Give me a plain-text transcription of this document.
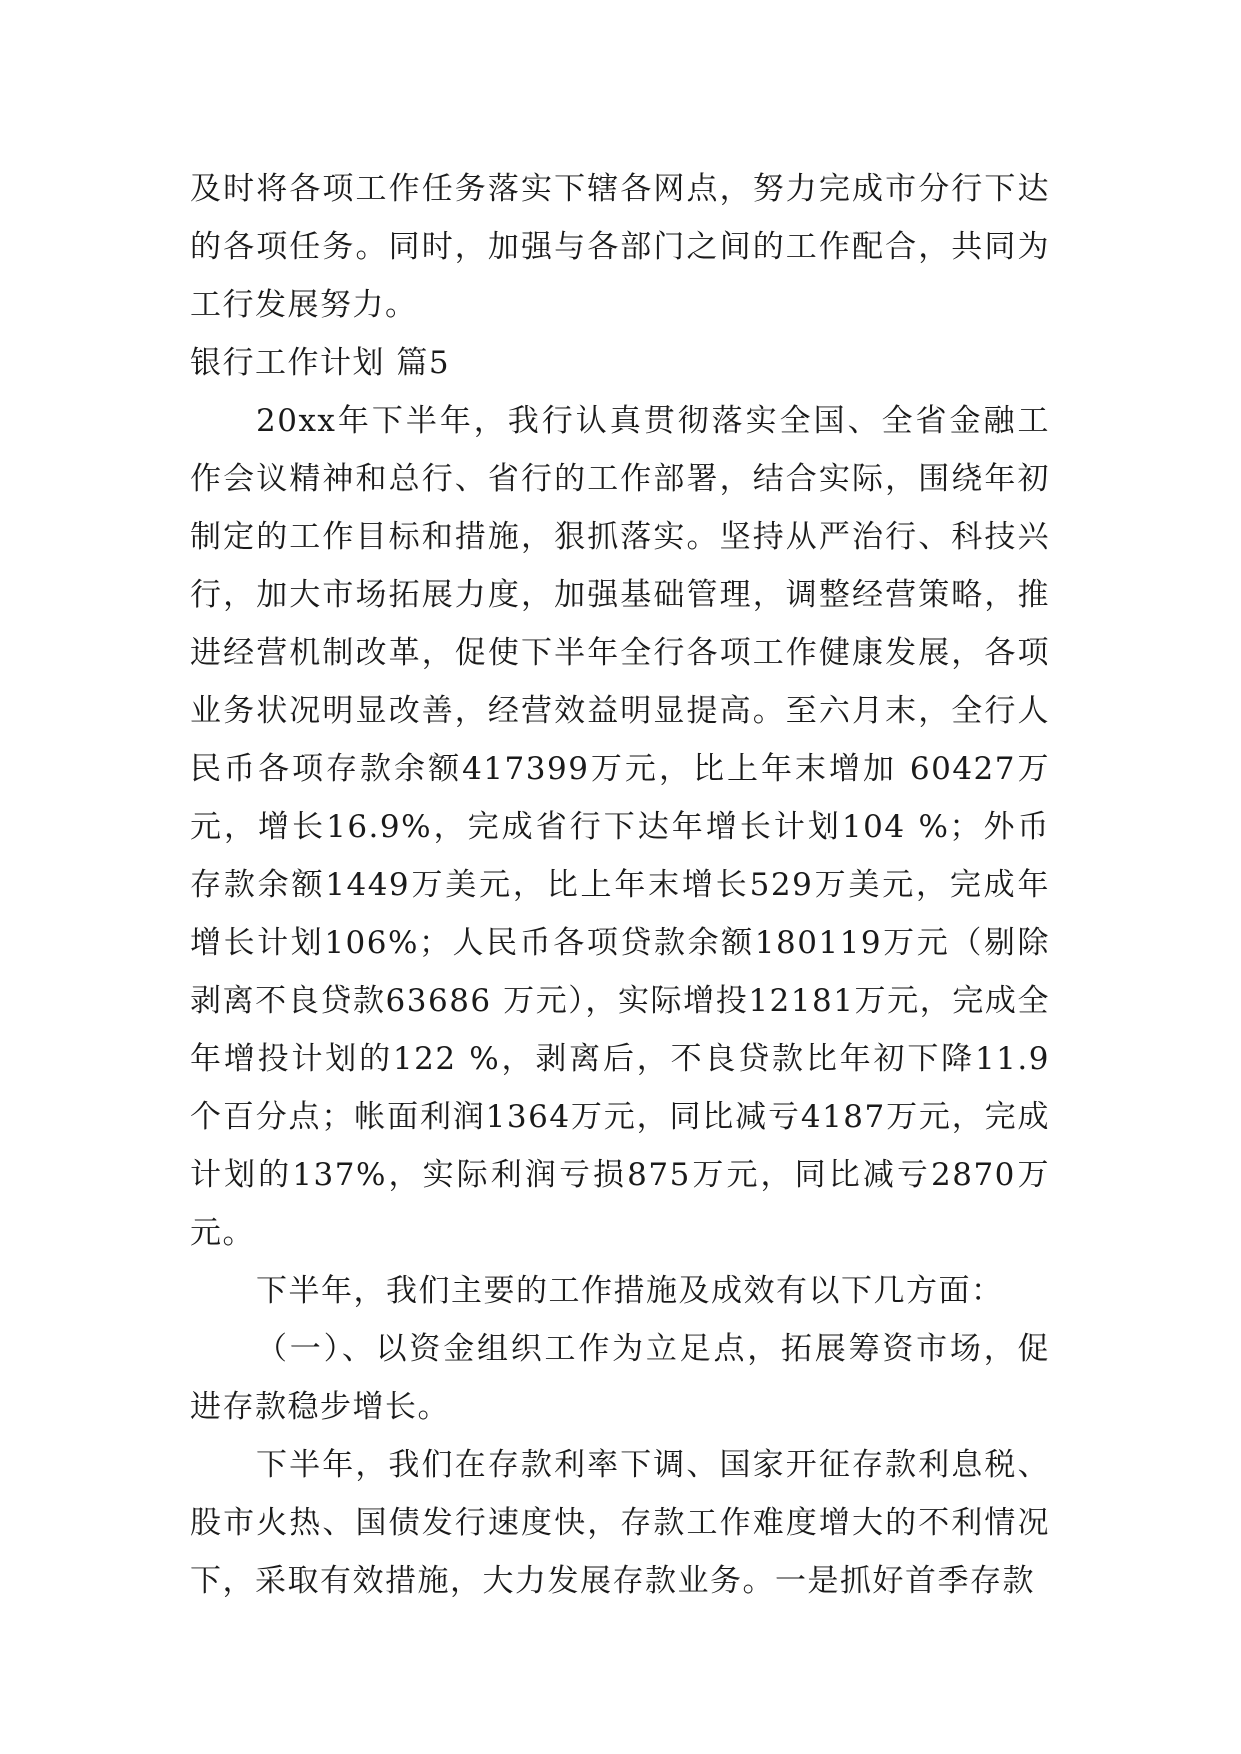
及时将各项工作任务落实下辖各网点，努力完成市分行下达的各项任务。同时，加强与各部门之间的工作配合，共同为工行发展努力。

银行工作计划 篇5

20xx年下半年，我行认真贯彻落实全国、全省金融工作会议精神和总行、省行的工作部署，结合实际，围绕年初制定的工作目标和措施，狠抓落实。坚持从严治行、科技兴行，加大市场拓展力度，加强基础管理，调整经营策略，推进经营机制改革，促使下半年全行各项工作健康发展，各项业务状况明显改善，经营效益明显提高。至六月末，全行人民币各项存款余额417399万元，比上年末增加 60427万元，增长16.9%，完成省行下达年增长计划104 %；外币存款余额1449万美元，比上年末增长529万美元，完成年增长计划106%；人民币各项贷款余额180119万元（剔除剥离不良贷款63686 万元），实际增投12181万元，完成全年增投计划的122 %，剥离后，不良贷款比年初下降11.9 个百分点；帐面利润1364万元，同比减亏4187万元，完成计划的137%，实际利润亏损875万元，同比减亏2870万元。

下半年，我们主要的工作措施及成效有以下几方面：

（一）、以资金组织工作为立足点，拓展筹资市场，促进存款稳步增长。

下半年，我们在存款利率下调、国家开征存款利息税、股市火热、国债发行速度快，存款工作难度增大的不利情况下，采取有效措施，大力发展存款业务。一是抓好首季存款
